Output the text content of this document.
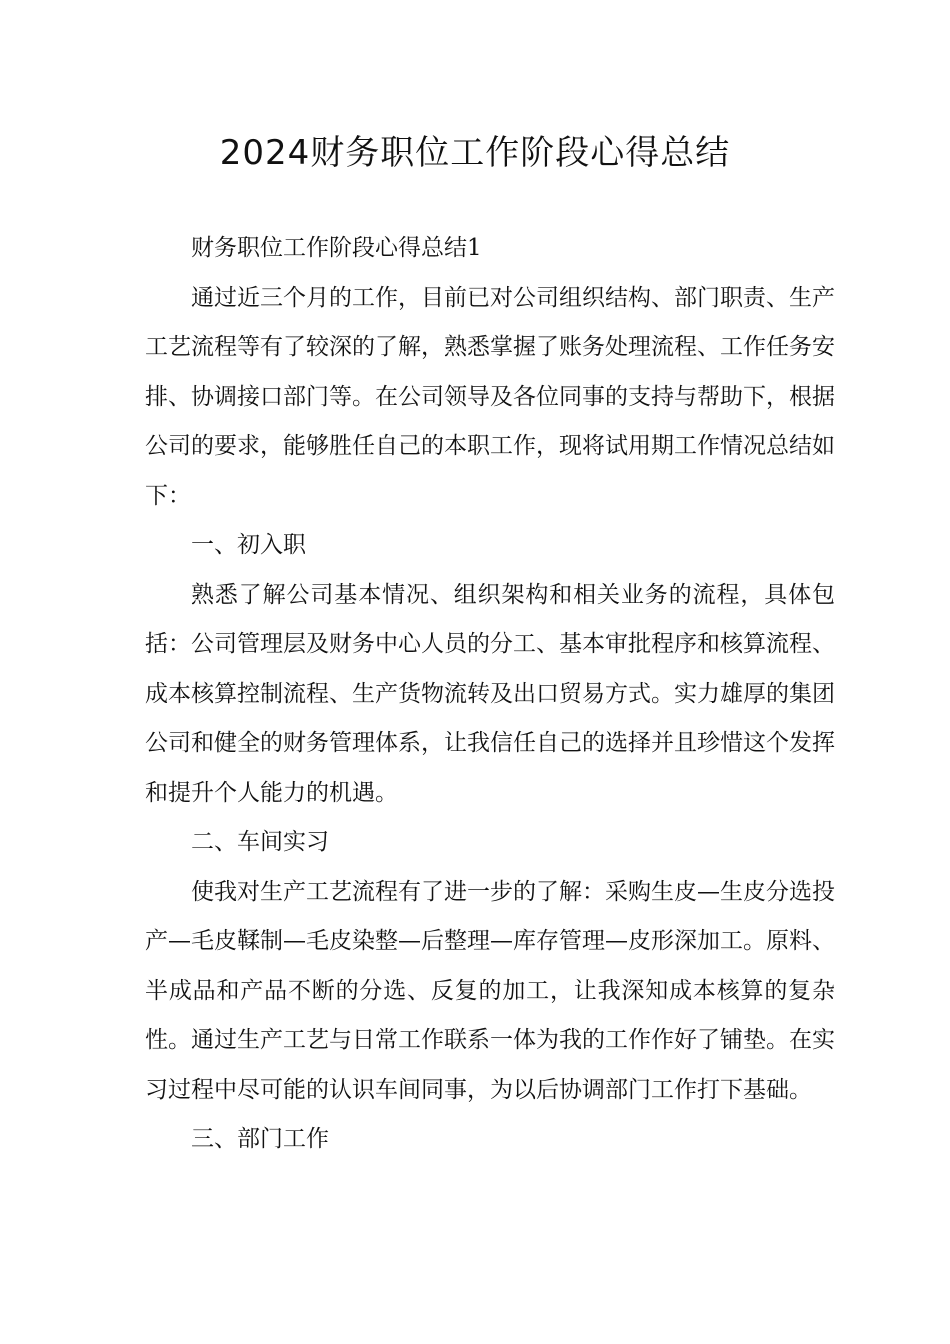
2024财务职位工作阶段心得总结

财务职位工作阶段心得总结1

通过近三个月的工作，目前已对公司组织结构、部门职责、生产工艺流程等有了较深的了解，熟悉掌握了账务处理流程、工作任务安排、协调接口部门等。在公司领导及各位同事的支持与帮助下，根据公司的要求，能够胜任自己的本职工作，现将试用期工作情况总结如下：

一、初入职

熟悉了解公司基本情况、组织架构和相关业务的流程，具体包括：公司管理层及财务中心人员的分工、基本审批程序和核算流程、成本核算控制流程、生产货物流转及出口贸易方式。实力雄厚的集团公司和健全的财务管理体系，让我信任自己的选择并且珍惜这个发挥和提升个人能力的机遇。

二、车间实习

使我对生产工艺流程有了进一步的了解：采购生皮—生皮分选投产—毛皮鞣制—毛皮染整—后整理—库存管理—皮形深加工。原料、半成品和产品不断的分选、反复的加工，让我深知成本核算的复杂性。通过生产工艺与日常工作联系一体为我的工作作好了铺垫。在实习过程中尽可能的认识车间同事，为以后协调部门工作打下基础。

三、部门工作
